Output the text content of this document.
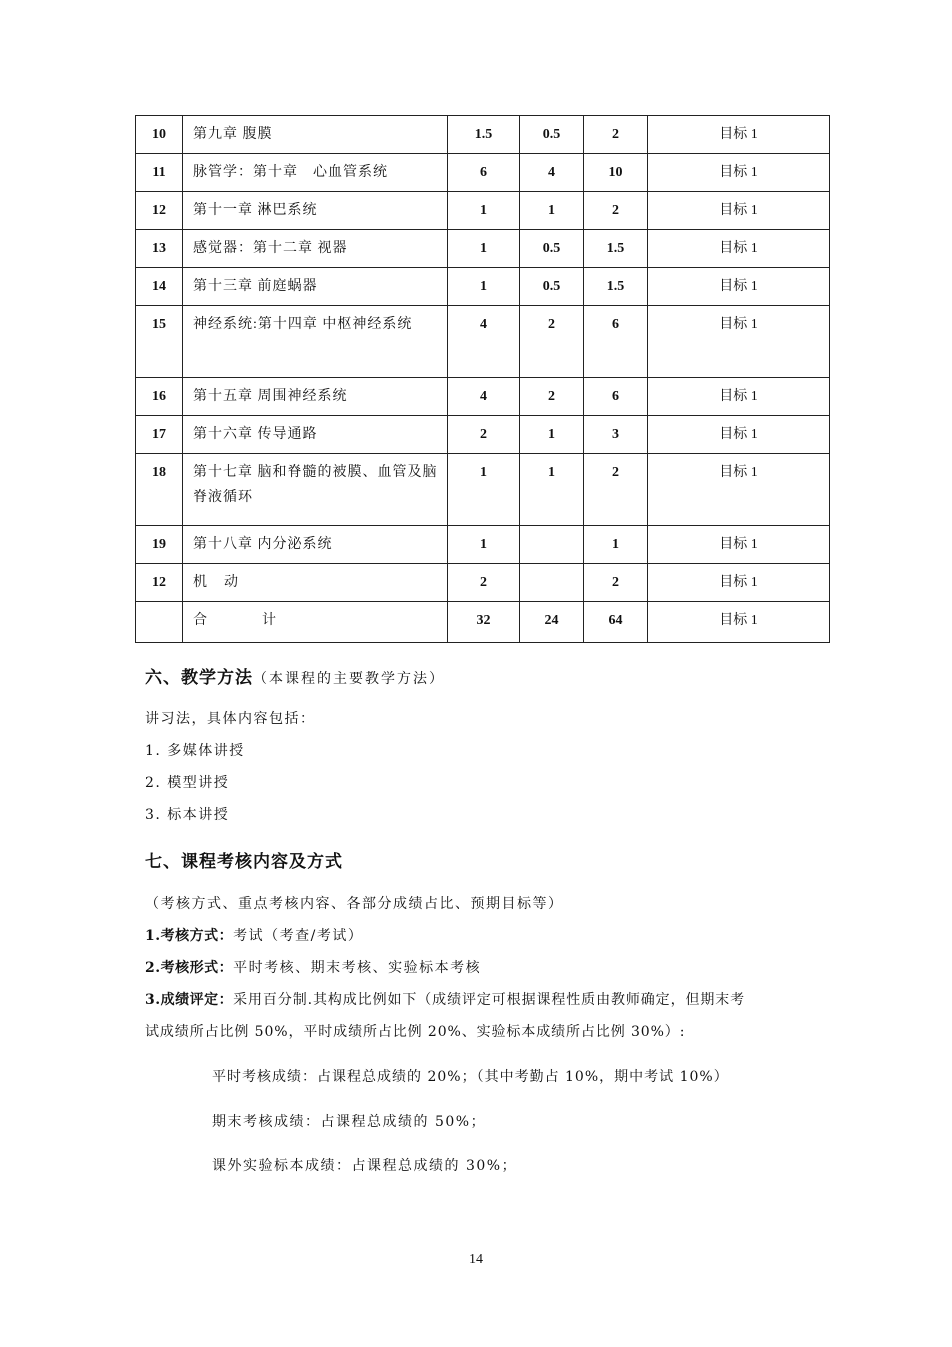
10	第九章 腹膜	1.5	0.5	2	目标 1
11	脉管学：第十章　心血管系统	6	4	10	目标 1
12	第十一章 淋巴系统	1	1	2	目标 1
13	感觉器：第十二章 视器	1	0.5	1.5	目标 1
14	第十三章 前庭蜗器	1	0.5	1.5	目标 1
15	神经系统:第十四章 中枢神经系统	4	2	6	目标 1
16	第十五章 周围神经系统	4	2	6	目标 1
17	第十六章 传导通路	2	1	3	目标 1
18	第十七章 脑和脊髓的被膜、血管及脑脊液循环	1	1	2	目标 1
19	第十八章 内分泌系统	1		1	目标 1
12	机 动	2		2	目标 1
	合 计	32	24	64	目标 1
六、教学方法（本课程的主要教学方法）
讲习法，具体内容包括：
1. 多媒体讲授
2. 模型讲授
3. 标本讲授
七、课程考核内容及方式
（考核方式、重点考核内容、各部分成绩占比、预期目标等）
1.考核方式：考试（考查/考试）
2.考核形式：平时考核、期末考核、实验标本考核
3.成绩评定：采用百分制.其构成比例如下（成绩评定可根据课程性质由教师确定，但期末考
试成绩所占比例 50%，平时成绩所占比例 20%、实验标本成绩所占比例 30%）:
平时考核成绩：占课程总成绩的 20%；（其中考勤占 10%，期中考试 10%）
期末考核成绩：占课程总成绩的 50%；
课外实验标本成绩：占课程总成绩的 30%；
14
